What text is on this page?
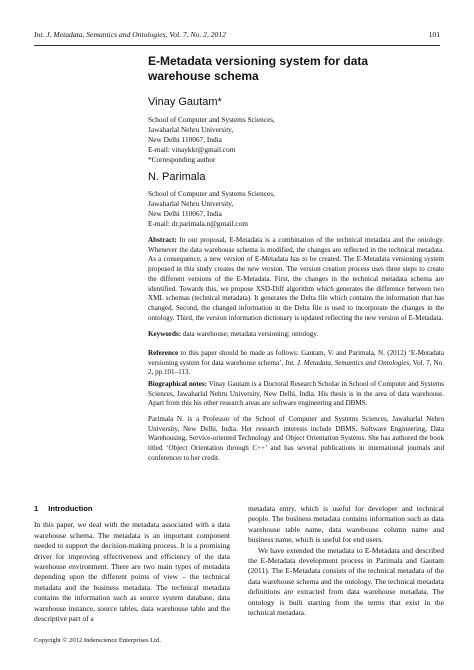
Int. J. Metadata, Semantics and Ontologies, Vol. 7, No. 2, 2012	101
E-Metadata versioning system for data warehouse schema
Vinay Gautam*
School of Computer and Systems Sciences,
Jawaharlal Nehru University,
New Delhi 110067, India
E-mail: vinaykkr@gmail.com
*Corresponding author
N. Parimala
School of Computer and Systems Sciences,
Jawaharlal Nehru University,
New Delhi 110067, India
E-mail: dr.parimala.n@gmail.com
Abstract: In our proposal, E-Metadata is a combination of the technical metadata and the ontology. Whenever the data warehouse schema is modified, the changes are reflected in the technical metadata. As a consequence, a new version of E-Metadata has to be created. The E-Metadata versioning system proposed in this study creates the new version. The version creation process uses three steps to create the different versions of the E-Metadata. First, the changes in the technical metadata schema are identified. Towards this, we propose XSD-Diff algorithm which generates the difference between two XML schemas (technical metadata). It generates the Delta file which contains the information that has changed. Second, the changed information in the Delta file is used to incorporate the changes in the ontology. Third, the version information dictionary is updated reflecting the new version of E-Metadata.
Keywords: data warehouse; metadata versioning; ontology.
Reference to this paper should be made as follows: Gautam, V. and Parimala, N. (2012) ‘E-Metadata versioning system for data warehouse schema’, Int. J. Metadata, Semantics and Ontologies, Vol. 7, No. 2, pp.101–113.
Biographical notes: Vinay Gautam is a Doctoral Research Scholar in School of Computer and Systems Sciences, Jawaharlal Nehru University, New Delhi, India. His thesis is in the area of data warehouse. Apart from this his other research areas are software engineering and DBMS.
Parimala N. is a Professor of the School of Computer and Systems Sciences, Jawaharlal Nehru University, New Delhi, India. Her research interests include DBMS, Software Engineering, Data Warehousing, Service-oriented Technology and Object Orientation Systems. She has authored the book titled ‘Object Orientation through C++’ and has several publications in international journals and conferences to her credit.
1 Introduction

In this paper, we deal with the metadata associated with a data warehouse schema. The metadata is an important component needed to support the decision-making process. It is a promising driver for improving effectiveness and efficiency of the data warehouse environment. There are two main types of metadata depending upon the different points of view – the technical metadata and the business metadata. The technical metadata contains the information such as source system database, data warehouse instance, source tables, data warehouse table and the descriptive part of a

metadata entry, which is useful for developer and technical people. The business metadata contains information such as data warehouse table name, data warehouse column name and business name, which is useful for end users.

We have extended the metadata to E-Metadata and described the E-Metadata development process in Parimala and Gautam (2011). The E-Metadata consists of the technical metadata of the data warehouse schema and the ontology. The technical metadata definitions are extracted from data warehouse metadata. The ontology is built starting from the terms that exist in the technical metadata.

Copyright © 2012 Inderscience Enterprises Ltd.
